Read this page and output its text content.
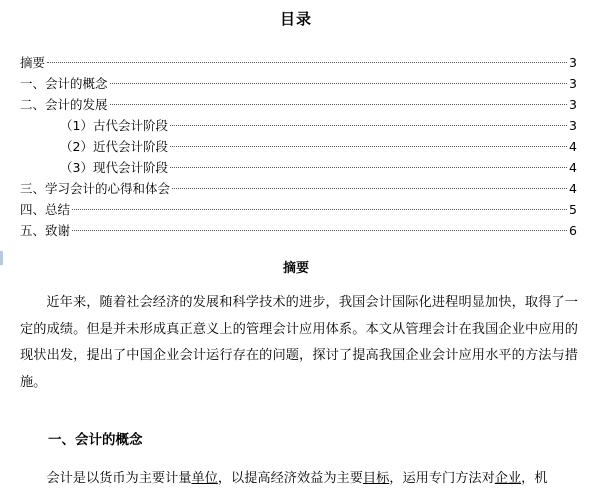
目录
摘要	3
一、会计的概念	3
二、会计的发展	3
（1）古代会计阶段	3
（2）近代会计阶段	4
（3）现代会计阶段	4
三、学习会计的心得和体会	4
四、总结	5
五、致谢	6
摘要
近年来，随着社会经济的发展和科学技术的进步，我国会计国际化进程明显加快，取得了一定的成绩。但是并未形成真正意义上的管理会计应用体系。本文从管理会计在我国企业中应用的现状出发，提出了中国企业会计运行存在的问题，探讨了提高我国企业会计应用水平的方法与措施。
一、会计的概念
会计是以货币为主要计量单位，以提高经济效益为主要目标，运用专门方法对企业，机
